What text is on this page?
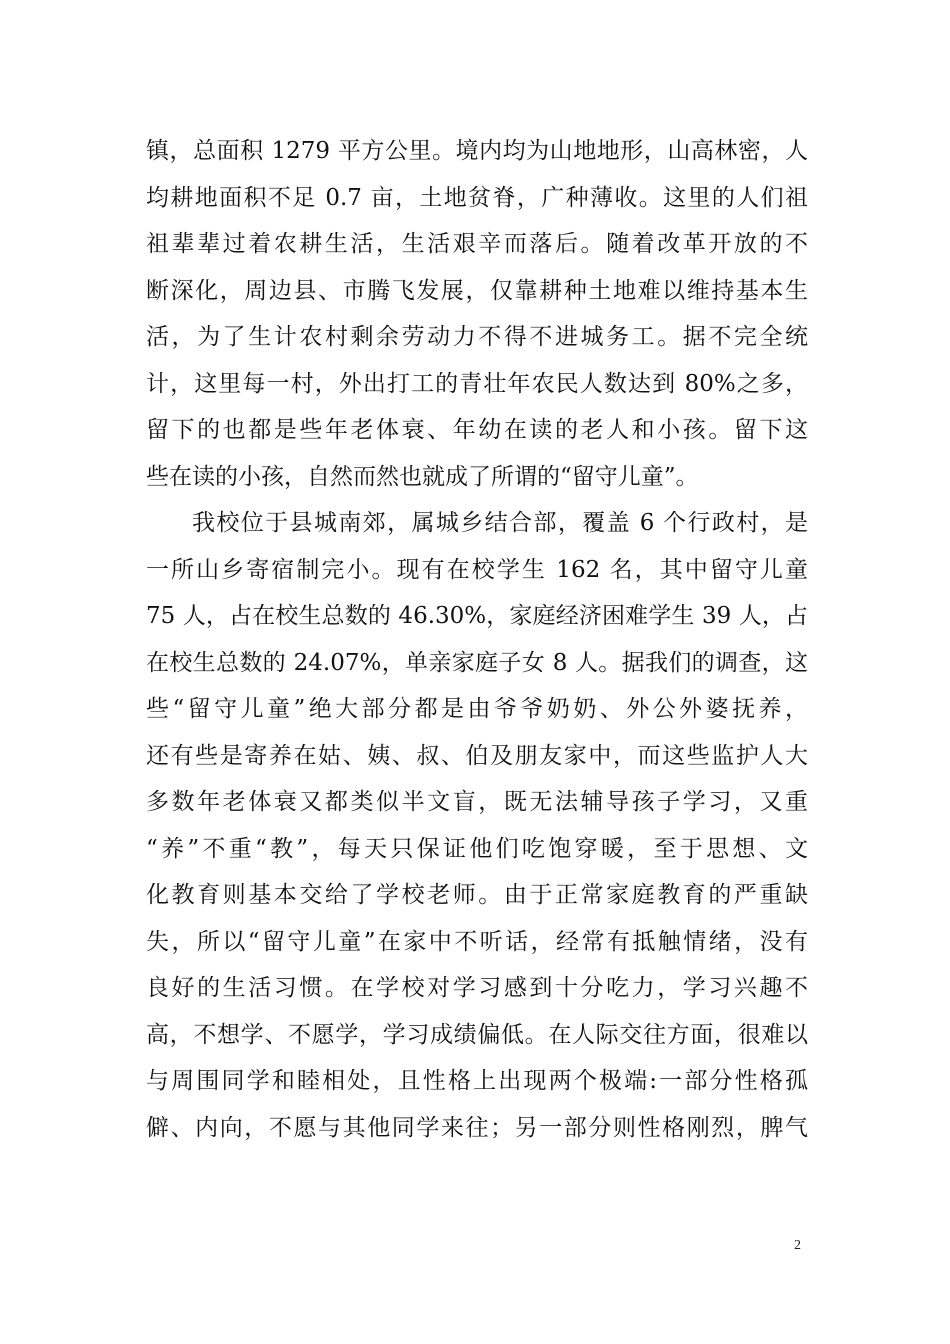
镇，总面积 1279 平方公里。境内均为山地地形，山高林密，人
均耕地面积不足 0.7 亩，土地贫脊，广种薄收。这里的人们祖
祖辈辈过着农耕生活，生活艰辛而落后。随着改革开放的不
断深化，周边县、市腾飞发展，仅靠耕种土地难以维持基本生
活，为了生计农村剩余劳动力不得不进城务工。据不完全统
计，这里每一村，外出打工的青壮年农民人数达到 80%之多，
留下的也都是些年老体衰、年幼在读的老人和小孩。留下这
些在读的小孩，自然而然也就成了所谓的“留守儿童”。
我校位于县城南郊，属城乡结合部，覆盖 6 个行政村，是
一所山乡寄宿制完小。现有在校学生 162 名，其中留守儿童
75 人，占在校生总数的 46.30%，家庭经济困难学生 39 人，占
在校生总数的 24.07%，单亲家庭子女 8 人。据我们的调查，这
些“留守儿童”绝大部分都是由爷爷奶奶、外公外婆抚养，
还有些是寄养在姑、姨、叔、伯及朋友家中，而这些监护人大
多数年老体衰又都类似半文盲，既无法辅导孩子学习，又重
“养”不重“教”，每天只保证他们吃饱穿暖，至于思想、文
化教育则基本交给了学校老师。由于正常家庭教育的严重缺
失，所以“留守儿童”在家中不听话，经常有抵触情绪，没有
良好的生活习惯。在学校对学习感到十分吃力，学习兴趣不
高，不想学、不愿学，学习成绩偏低。在人际交往方面，很难以
与周围同学和睦相处，且性格上出现两个极端:一部分性格孤
僻、内向，不愿与其他同学来往；另一部分则性格刚烈，脾气
2
